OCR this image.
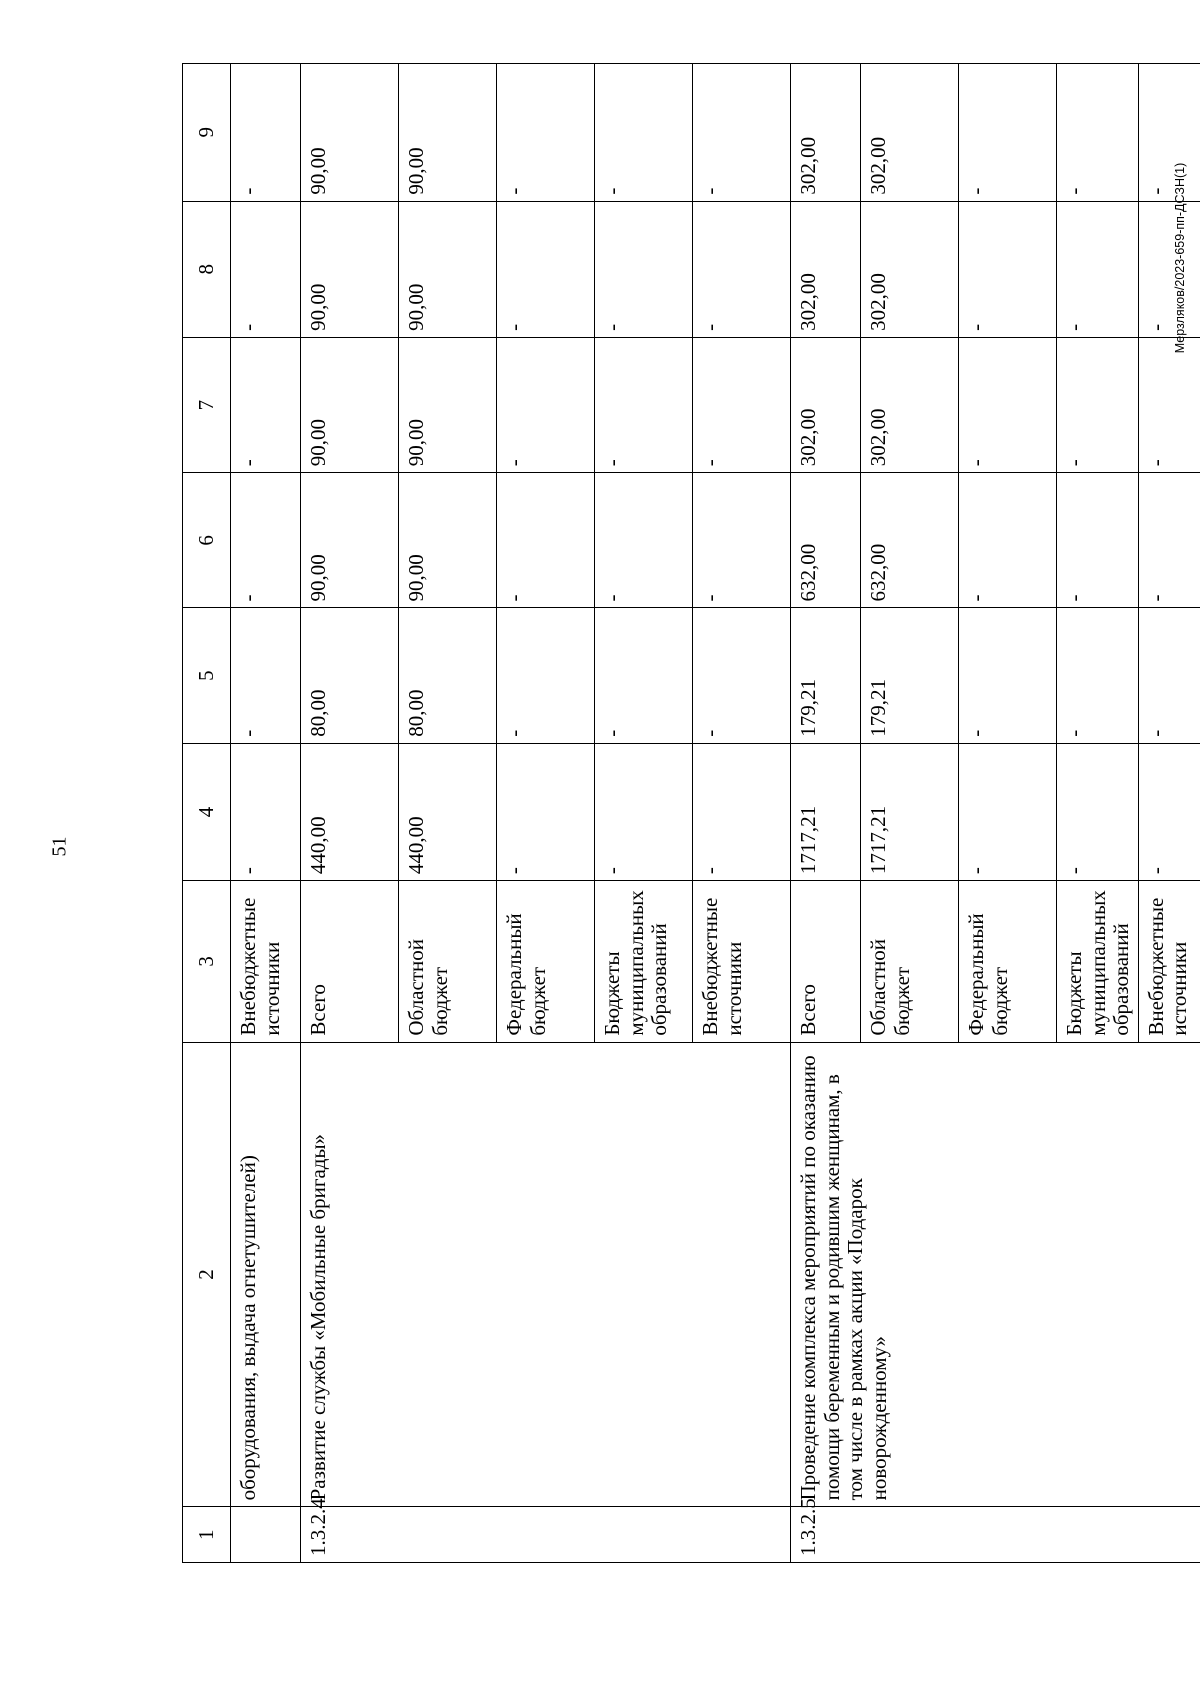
51
Мерзляков/2023-659-пп-ДСЗН(1)
1	2	3	4	5	6	7	8	9
	оборудования, выдача огнетушителей)	Внебюджетные источники	-	-	-	-	-	-
1.3.2.4	Развитие службы «Мобильные бригады»	Всего	440,00	80,00	90,00	90,00	90,00	90,00
		Областной бюджет	440,00	80,00	90,00	90,00	90,00	90,00
		Федеральный бюджет	-	-	-	-	-	-
		Бюджеты муниципальных образований	-	-	-	-	-	-
		Внебюджетные источники	-	-	-	-	-	-
1.3.2.5	Проведение комплекса мероприятий по оказанию помощи беременным и родившим женщинам, в том числе в рамках акции «Подарок новорожденному»	Всего	1717,21	179,21	632,00	302,00	302,00	302,00
		Областной бюджет	1717,21	179,21	632,00	302,00	302,00	302,00
		Федеральный бюджет	-	-	-	-	-	-
		Бюджеты муниципальных образований	-	-	-	-	-	-
		Внебюджетные источники	-	-	-	-	-	-
